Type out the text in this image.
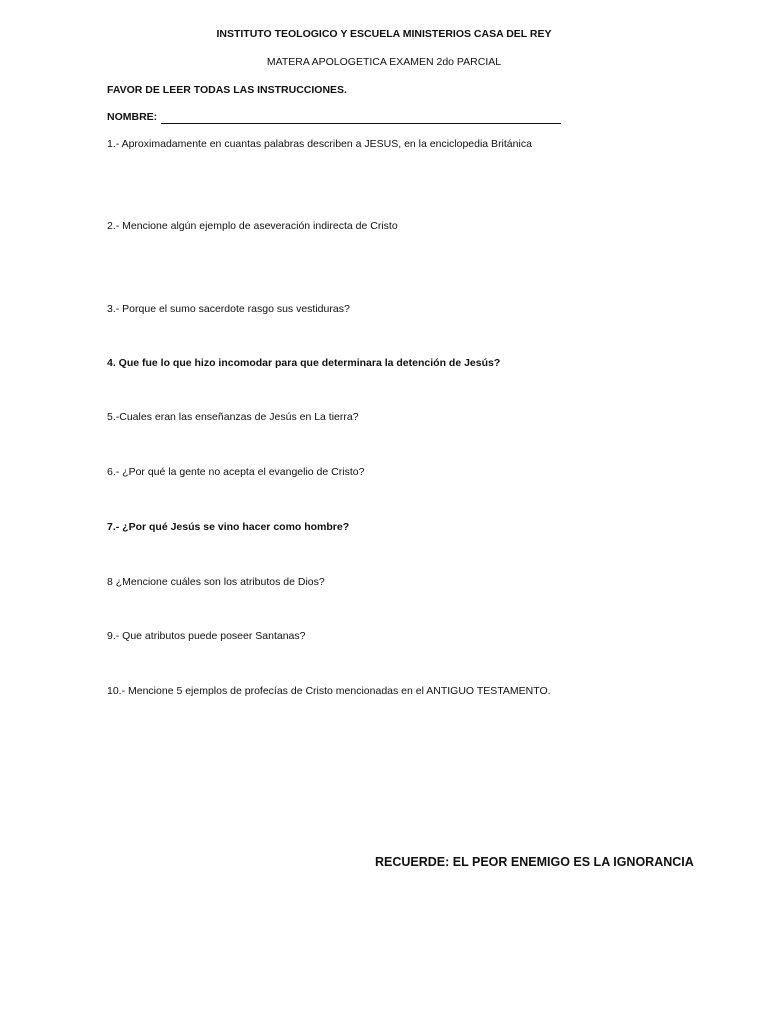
INSTITUTO TEOLOGICO Y ESCUELA MINISTERIOS CASA DEL REY
MATERA APOLOGETICA EXAMEN 2do PARCIAL
FAVOR DE LEER TODAS LAS INSTRUCCIONES.
NOMBRE:
1.- Aproximadamente en cuantas palabras describen a JESUS, en la enciclopedia Británica
2.- Mencione algún ejemplo de aseveración indirecta de Cristo
3.- Porque el sumo sacerdote rasgo sus vestiduras?
4. Que fue lo que hizo incomodar para que determinara la detención de Jesús?
5.-Cuales eran las enseñanzas de Jesús en La tierra?
6.- ¿Por qué la gente no acepta el evangelio de Cristo?
7.- ¿Por qué Jesús se vino hacer como hombre?
8 ¿Mencione cuáles son los atributos de Dios?
9.- Que atributos puede poseer Santanas?
10.- Mencione 5 ejemplos de profecías de Cristo mencionadas en el ANTIGUO TESTAMENTO.
RECUERDE: EL PEOR ENEMIGO ES LA IGNORANCIA
